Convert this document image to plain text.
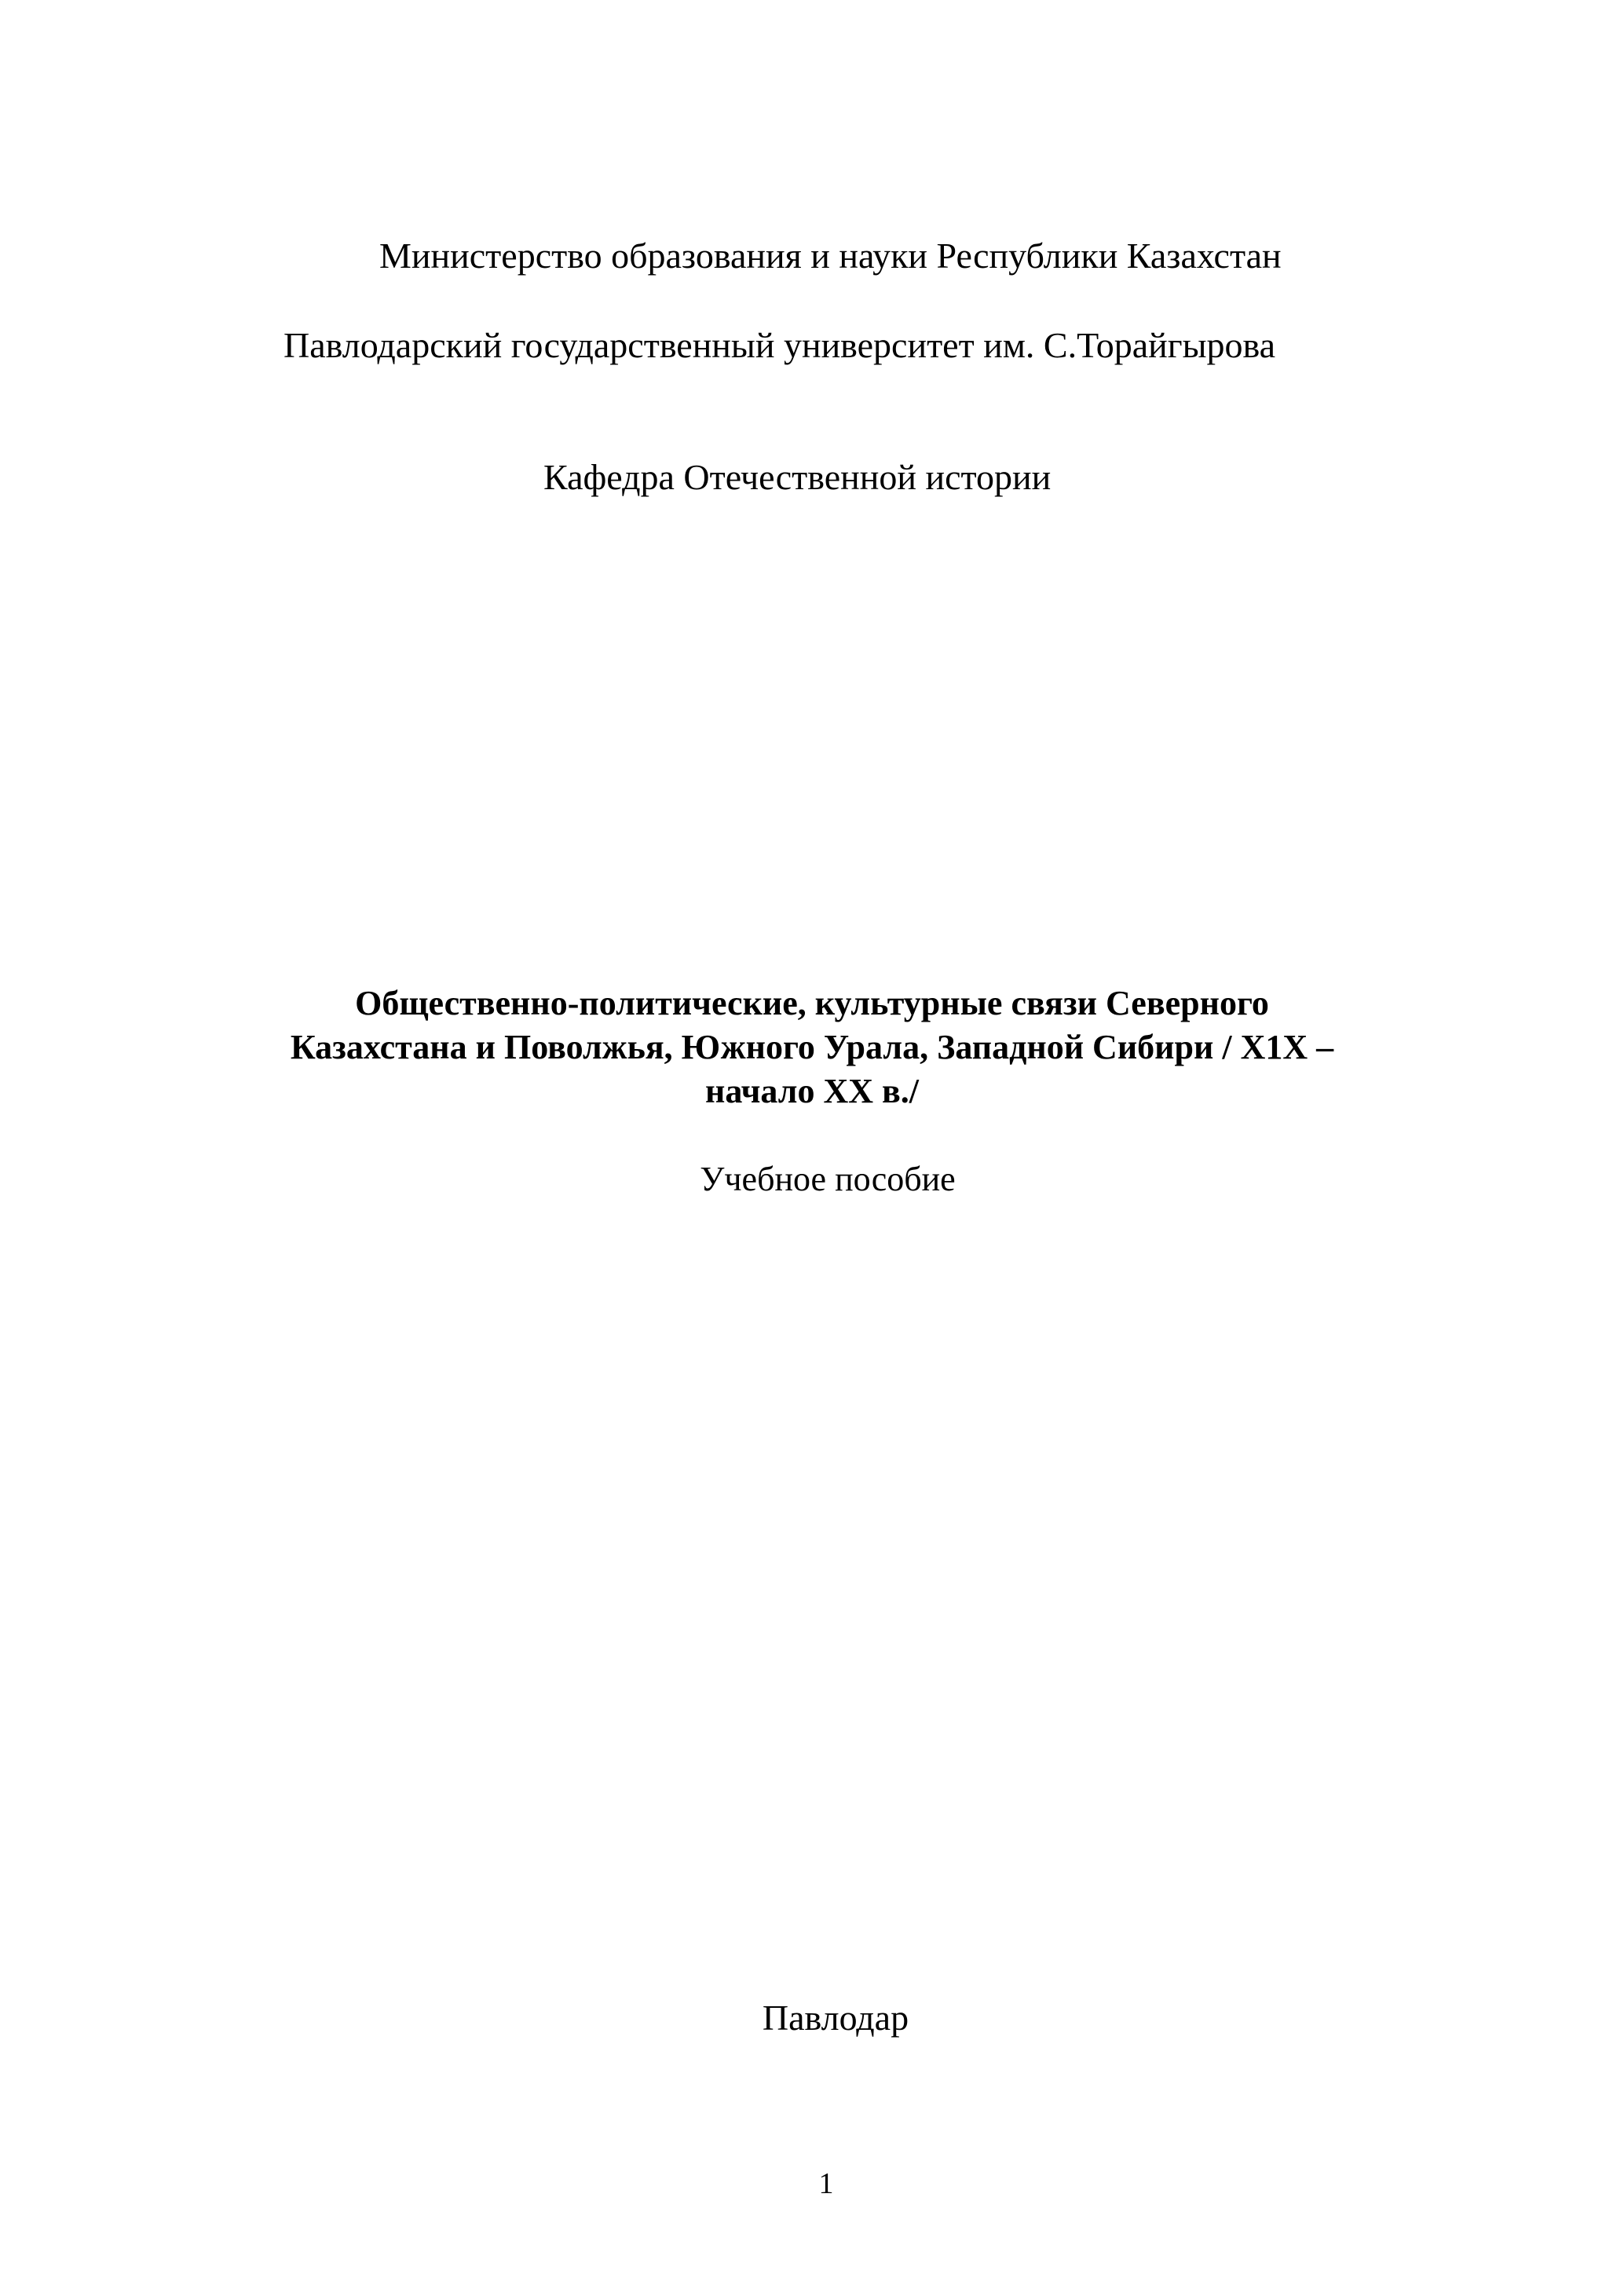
Министерство образования и науки Республики Казахстан
Павлодарский государственный университет им. С.Торайгырова
Кафедра Отечественной истории
Общественно-политические, культурные связи Северного
Казахстана и Поволжья, Южного Урала, Западной Сибири / Х1Х –
начало ХХ в./
Учебное пособие
Павлодар
1
